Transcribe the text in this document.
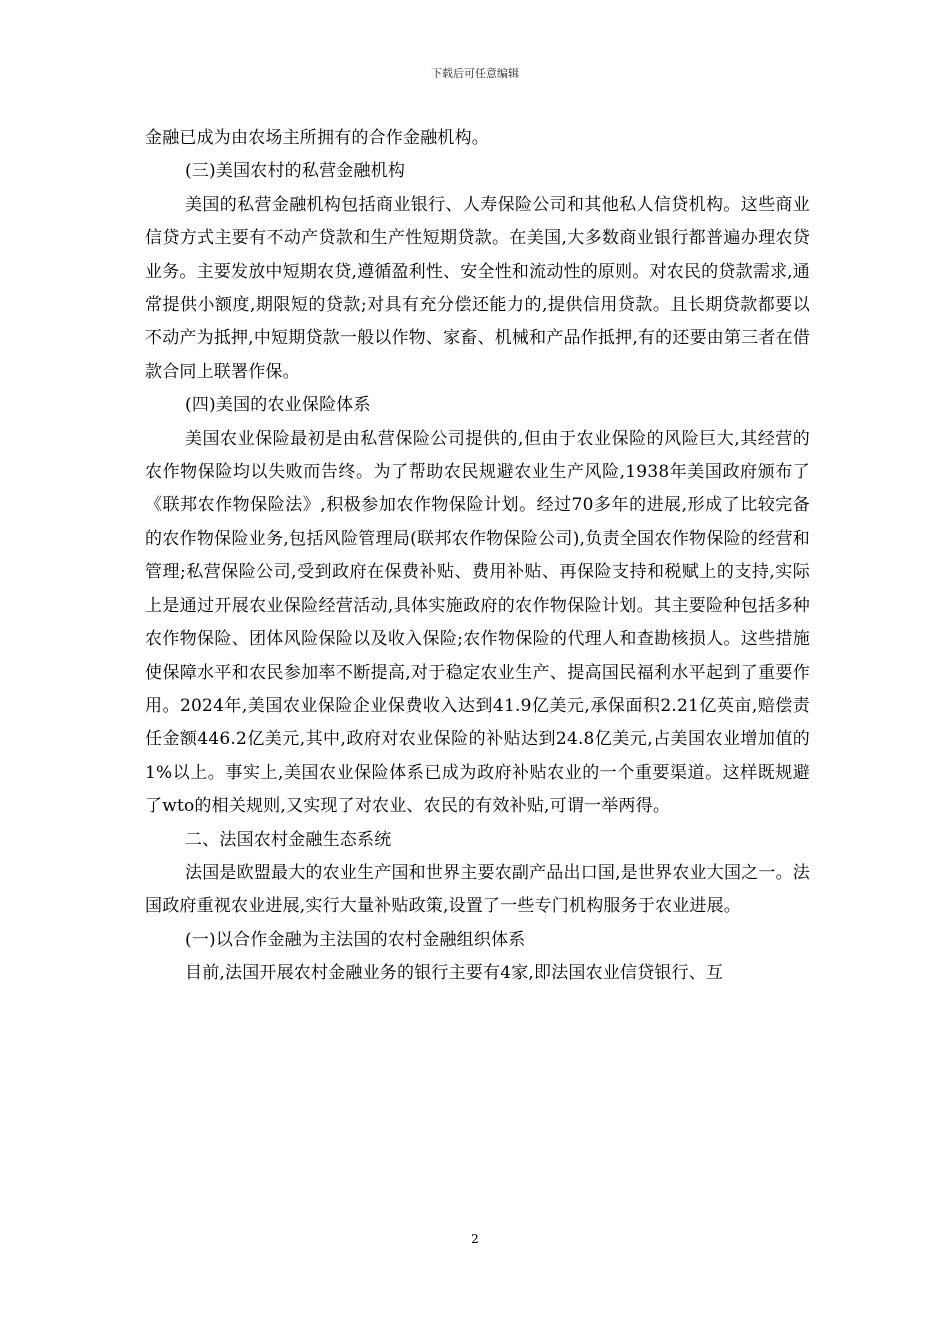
下载后可任意编辑

金融已成为由农场主所拥有的合作金融机构。

(三)美国农村的私营金融机构

美国的私营金融机构包括商业银行、人寿保险公司和其他私人信贷机构。这些商业信贷方式主要有不动产贷款和生产性短期贷款。在美国,大多数商业银行都普遍办理农贷业务。主要发放中短期农贷,遵循盈利性、安全性和流动性的原则。对农民的贷款需求,通常提供小额度,期限短的贷款;对具有充分偿还能力的,提供信用贷款。且长期贷款都要以不动产为抵押,中短期贷款一般以作物、家畜、机械和产品作抵押,有的还要由第三者在借款合同上联署作保。

(四)美国的农业保险体系

美国农业保险最初是由私营保险公司提供的,但由于农业保险的风险巨大,其经营的农作物保险均以失败而告终。为了帮助农民规避农业生产风险,1938年美国政府颁布了《联邦农作物保险法》,积极参加农作物保险计划。经过70多年的进展,形成了比较完备的农作物保险业务,包括风险管理局(联邦农作物保险公司),负责全国农作物保险的经营和管理;私营保险公司,受到政府在保费补贴、费用补贴、再保险支持和税赋上的支持,实际上是通过开展农业保险经营活动,具体实施政府的农作物保险计划。其主要险种包括多种农作物保险、团体风险保险以及收入保险;农作物保险的代理人和查勘核损人。这些措施使保障水平和农民参加率不断提高,对于稳定农业生产、提高国民福利水平起到了重要作用。2024年,美国农业保险企业保费收入达到41.9亿美元,承保面积2.21亿英亩,赔偿责任金额446.2亿美元,其中,政府对农业保险的补贴达到24.8亿美元,占美国农业增加值的1%以上。事实上,美国农业保险体系已成为政府补贴农业的一个重要渠道。这样既规避了wto的相关规则,又实现了对农业、农民的有效补贴,可谓一举两得。

二、法国农村金融生态系统

法国是欧盟最大的农业生产国和世界主要农副产品出口国,是世界农业大国之一。法国政府重视农业进展,实行大量补贴政策,设置了一些专门机构服务于农业进展。

(一)以合作金融为主法国的农村金融组织体系

目前,法国开展农村金融业务的银行主要有4家,即法国农业信贷银行、互

2
